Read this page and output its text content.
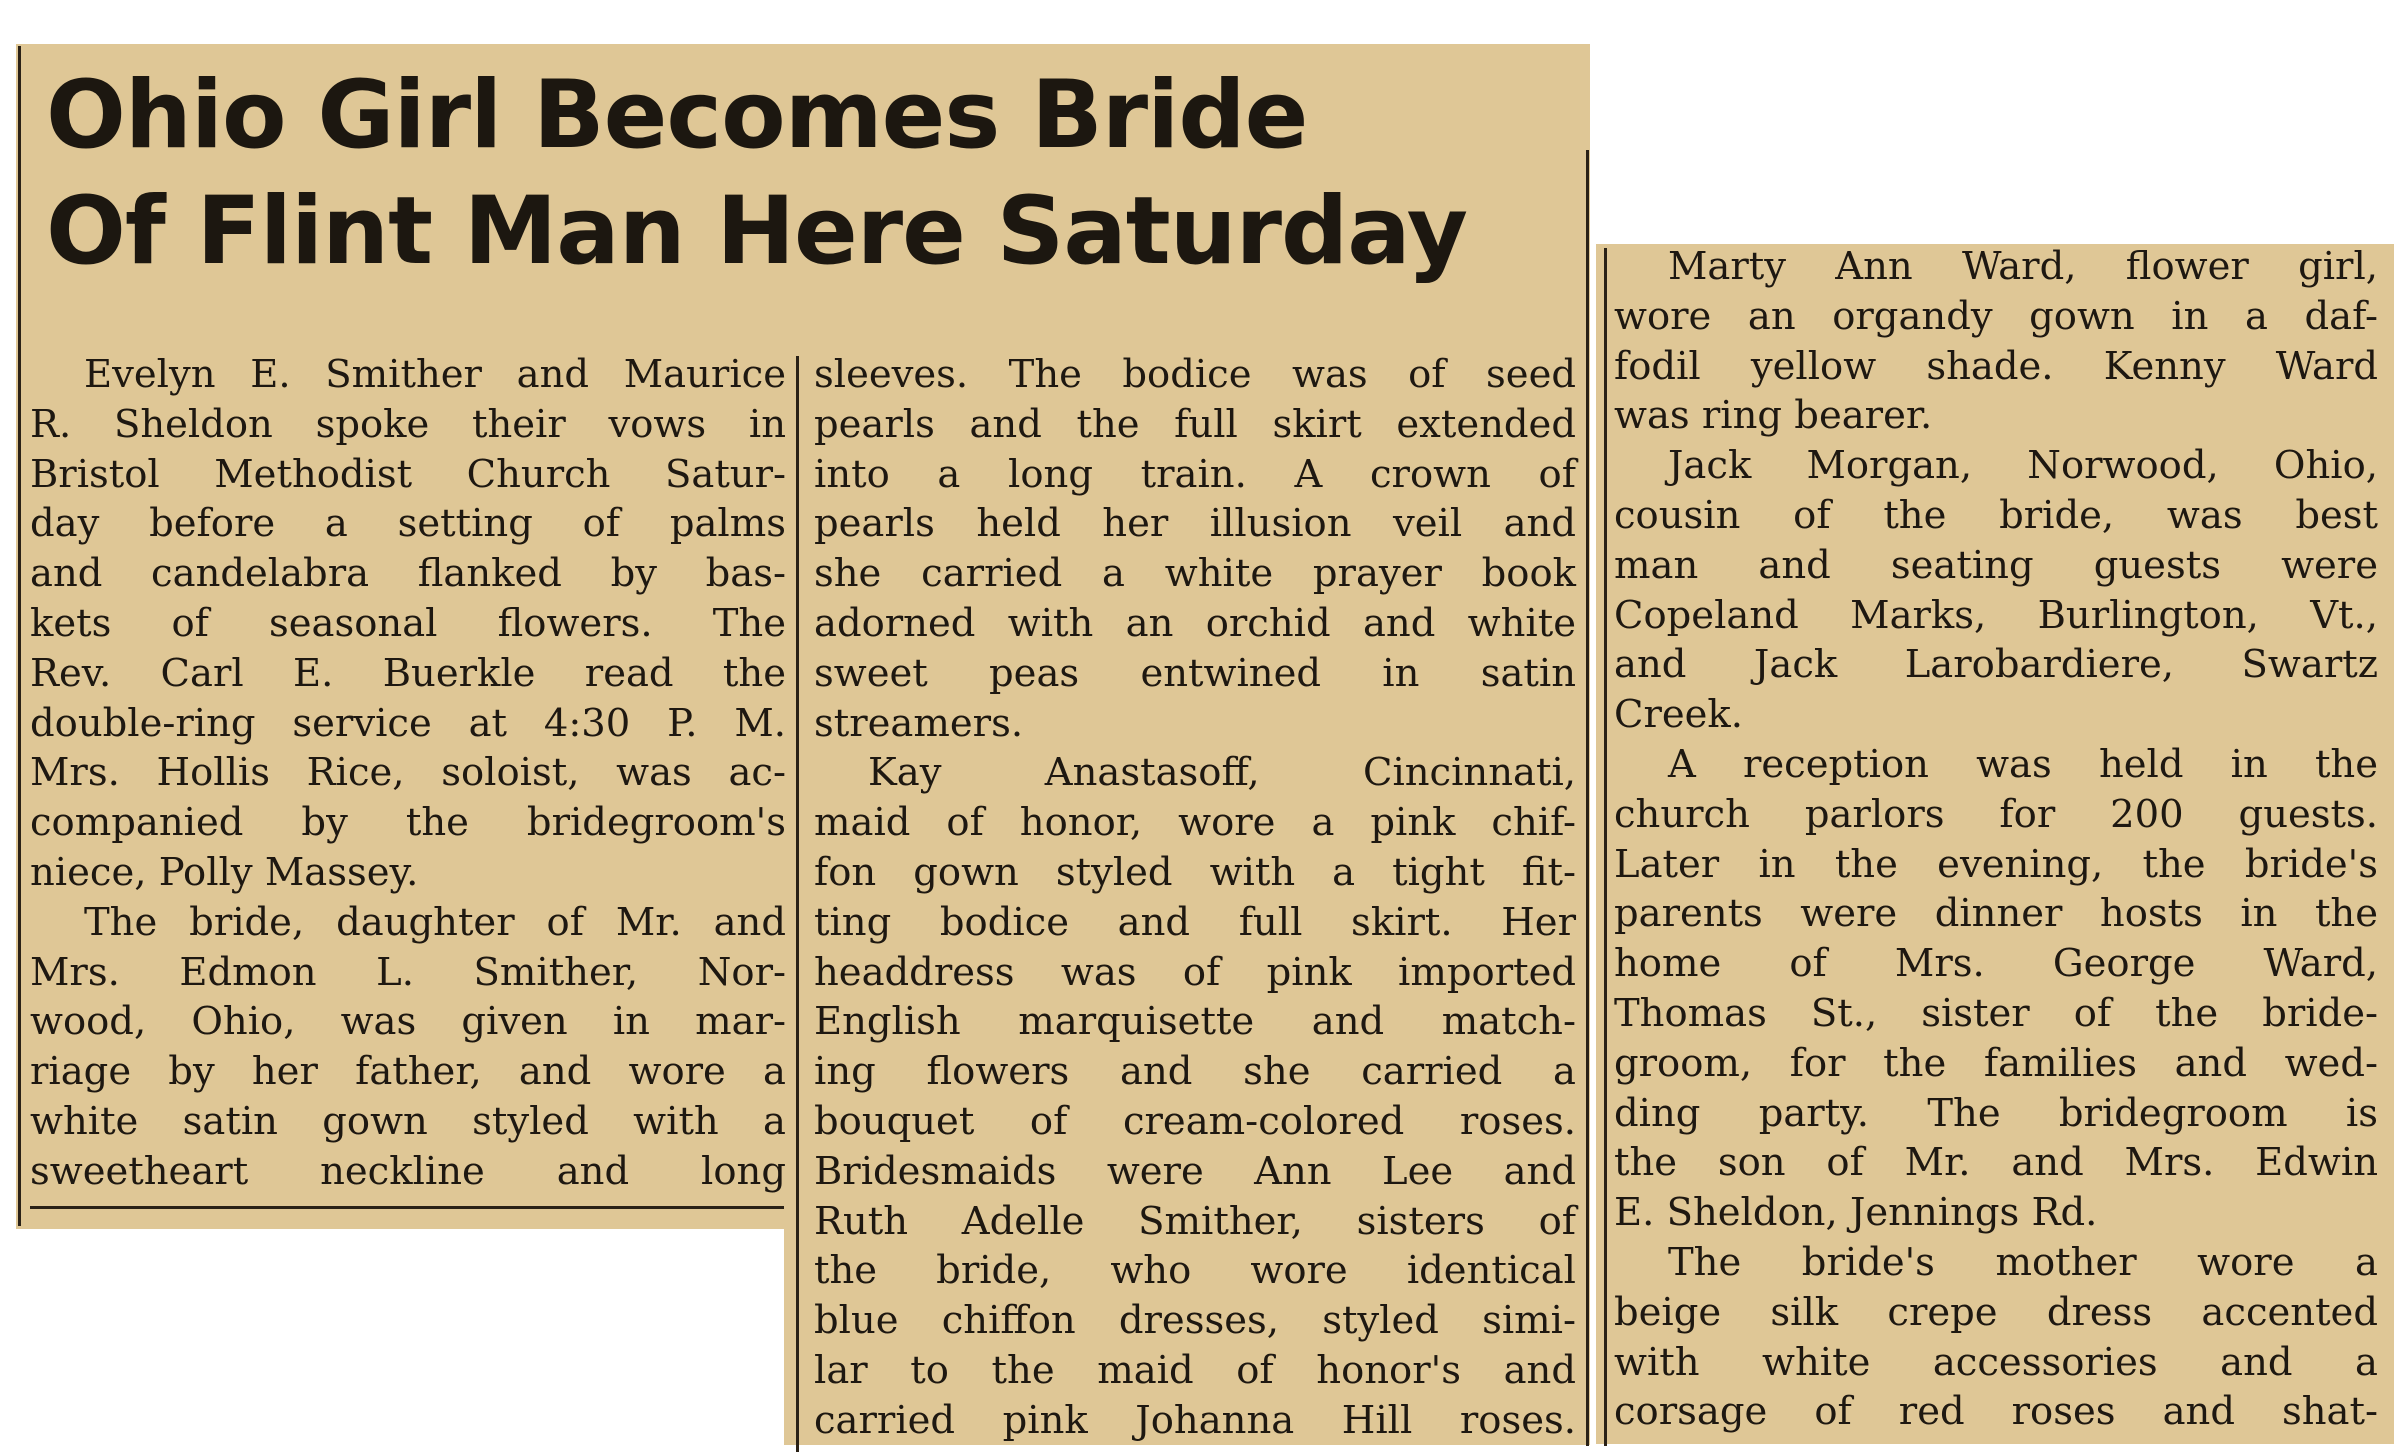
Ohio Girl Becomes Bride
Of Flint Man Here Saturday
Evelyn E. Smither and Maurice
R. Sheldon spoke their vows in
Bristol Methodist Church Satur-
day before a setting of palms
and candelabra flanked by bas-
kets of seasonal flowers. The
Rev. Carl E. Buerkle read the
double-ring service at 4:30 P. M.
Mrs. Hollis Rice, soloist, was ac-
companied by the bridegroom's
niece, Polly Massey.
The bride, daughter of Mr. and
Mrs. Edmon L. Smither, Nor-
wood, Ohio, was given in mar-
riage by her father, and wore a
white satin gown styled with a
sweetheart neckline and long
sleeves. The bodice was of seed
pearls and the full skirt extended
into a long train. A crown of
pearls held her illusion veil and
she carried a white prayer book
adorned with an orchid and white
sweet peas entwined in satin
streamers.
Kay Anastasoff, Cincinnati,
maid of honor, wore a pink chif-
fon gown styled with a tight fit-
ting bodice and full skirt. Her
headdress was of pink imported
English marquisette and match-
ing flowers and she carried a
bouquet of cream-colored roses.
Bridesmaids were Ann Lee and
Ruth Adelle Smither, sisters of
the bride, who wore identical
blue chiffon dresses, styled simi-
lar to the maid of honor's and
carried pink Johanna Hill roses.
Marty Ann Ward, flower girl,
wore an organdy gown in a daf-
fodil yellow shade. Kenny Ward
was ring bearer.
Jack Morgan, Norwood, Ohio,
cousin of the bride, was best
man and seating guests were
Copeland Marks, Burlington, Vt.,
and Jack Larobardiere, Swartz
Creek.
A reception was held in the
church parlors for 200 guests.
Later in the evening, the bride's
parents were dinner hosts in the
home of Mrs. George Ward,
Thomas St., sister of the bride-
groom, for the families and wed-
ding party. The bridegroom is
the son of Mr. and Mrs. Edwin
E. Sheldon, Jennings Rd.
The bride's mother wore a
beige silk crepe dress accented
with white accessories and a
corsage of red roses and shat-
